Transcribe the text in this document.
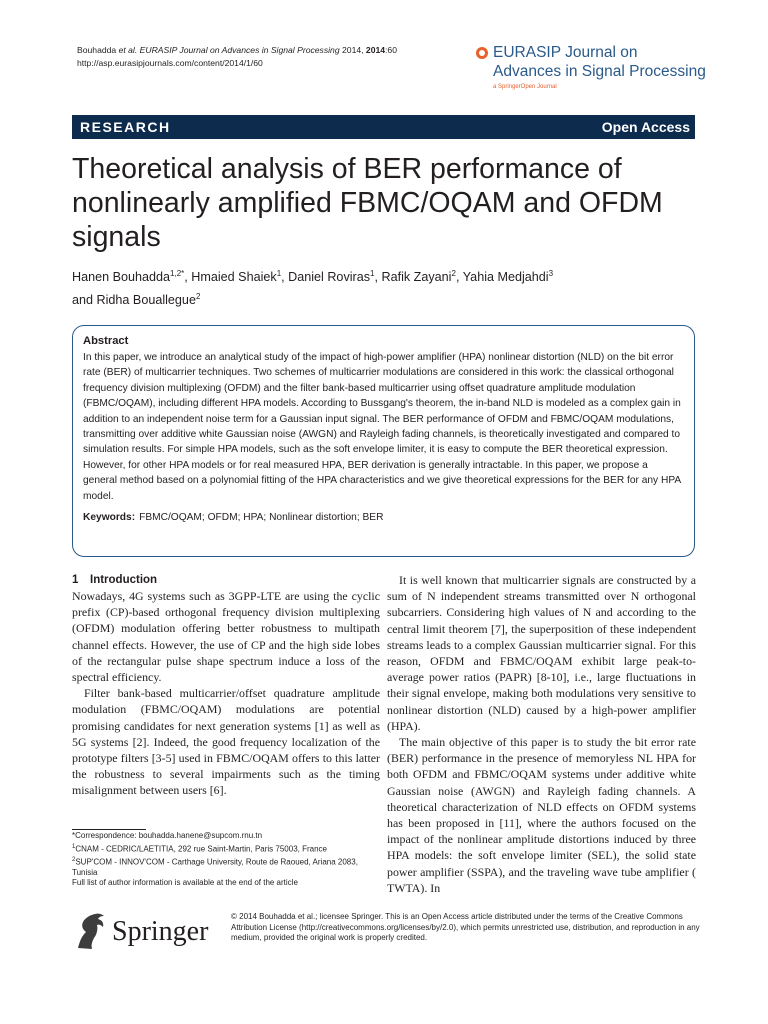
Bouhadda et al. EURASIP Journal on Advances in Signal Processing 2014, 2014:60
http://asp.eurasipjournals.com/content/2014/1/60
EURASIP Journal on
Advances in Signal Processing
a SpringerOpen Journal
RESEARCH	Open Access
Theoretical analysis of BER performance of nonlinearly amplified FBMC/OQAM and OFDM signals
Hanen Bouhadda$^{1,2*}$, Hmaied Shaiek$^1$, Daniel Roviras$^1$, Rafik Zayani$^2$, Yahia Medjahdi$^3$
and Ridha Bouallegue$^2$
Abstract
In this paper, we introduce an analytical study of the impact of high-power amplifier (HPA) nonlinear distortion (NLD) on the bit error rate (BER) of multicarrier techniques. Two schemes of multicarrier modulations are considered in this work: the classical orthogonal frequency division multiplexing (OFDM) and the filter bank-based multicarrier using offset quadrature amplitude modulation (FBMC/OQAM), including different HPA models. According to Bussgang's theorem, the in-band NLD is modeled as a complex gain in addition to an independent noise term for a Gaussian input signal. The BER performance of OFDM and FBMC/OQAM modulations, transmitting over additive white Gaussian noise (AWGN) and Rayleigh fading channels, is theoretically investigated and compared to simulation results. For simple HPA models, such as the soft envelope limiter, it is easy to compute the BER theoretical expression. However, for other HPA models or for real measured HPA, BER derivation is generally intractable. In this paper, we propose a general method based on a polynomial fitting of the HPA characteristics and we give theoretical expressions for the BER for any HPA model.
Keywords: FBMC/OQAM; OFDM; HPA; Nonlinear distortion; BER
1 Introduction

Nowadays, 4G systems such as 3GPP-LTE are using the cyclic prefix (CP)-based orthogonal frequency division multiplexing (OFDM) modulation offering better robustness to multipath channel effects. However, the use of CP and the high side lobes of the rectangular pulse shape spectrum induce a loss of the spectral efficiency.

Filter bank-based multicarrier/offset quadrature amplitude modulation (FBMC/OQAM) modulations are potential promising candidates for next generation systems [1] as well as 5G systems [2]. Indeed, the good frequency localization of the prototype filters [3-5] used in FBMC/OQAM offers to this latter the robustness to several impairments such as the timing misalignment between users [6].

It is well known that multicarrier signals are constructed by a sum of N independent streams transmitted over N orthogonal subcarriers. Considering high values of N and according to the central limit theorem [7], the superposition of these independent streams leads to a complex Gaussian multicarrier signal. For this reason, OFDM and FBMC/OQAM exhibit large peak-to-average power ratios (PAPR) [8-10], i.e., large fluctuations in their signal envelope, making both modulations very sensitive to nonlinear distortion (NLD) caused by a high-power amplifier (HPA).

The main objective of this paper is to study the bit error rate (BER) performance in the presence of memoryless NL HPA for both OFDM and FBMC/OQAM systems under additive white Gaussian noise (AWGN) and Rayleigh fading channels. A theoretical characterization of NLD effects on OFDM systems has been proposed in [11], where the authors focused on the impact of the nonlinear amplitude distortions induced by three HPA models: the soft envelope limiter (SEL), the solid state power amplifier (SSPA), and the traveling wave tube amplifier ( TWTA). In

*Correspondence: bouhadda.hanene@supcom.rnu.tn
$^1$CNAM - CEDRIC/LAETITIA, 292 rue Saint-Martin, Paris 75003, France
$^2$SUP'COM - INNOV'COM - Carthage University, Route de Raoued, Ariana 2083, Tunisia
Full list of author information is available at the end of the article
Springer	© 2014 Bouhadda et al.; licensee Springer. This is an Open Access article distributed under the terms of the Creative Commons Attribution License (http://creativecommons.org/licenses/by/2.0), which permits unrestricted use, distribution, and reproduction in any medium, provided the original work is properly credited.
